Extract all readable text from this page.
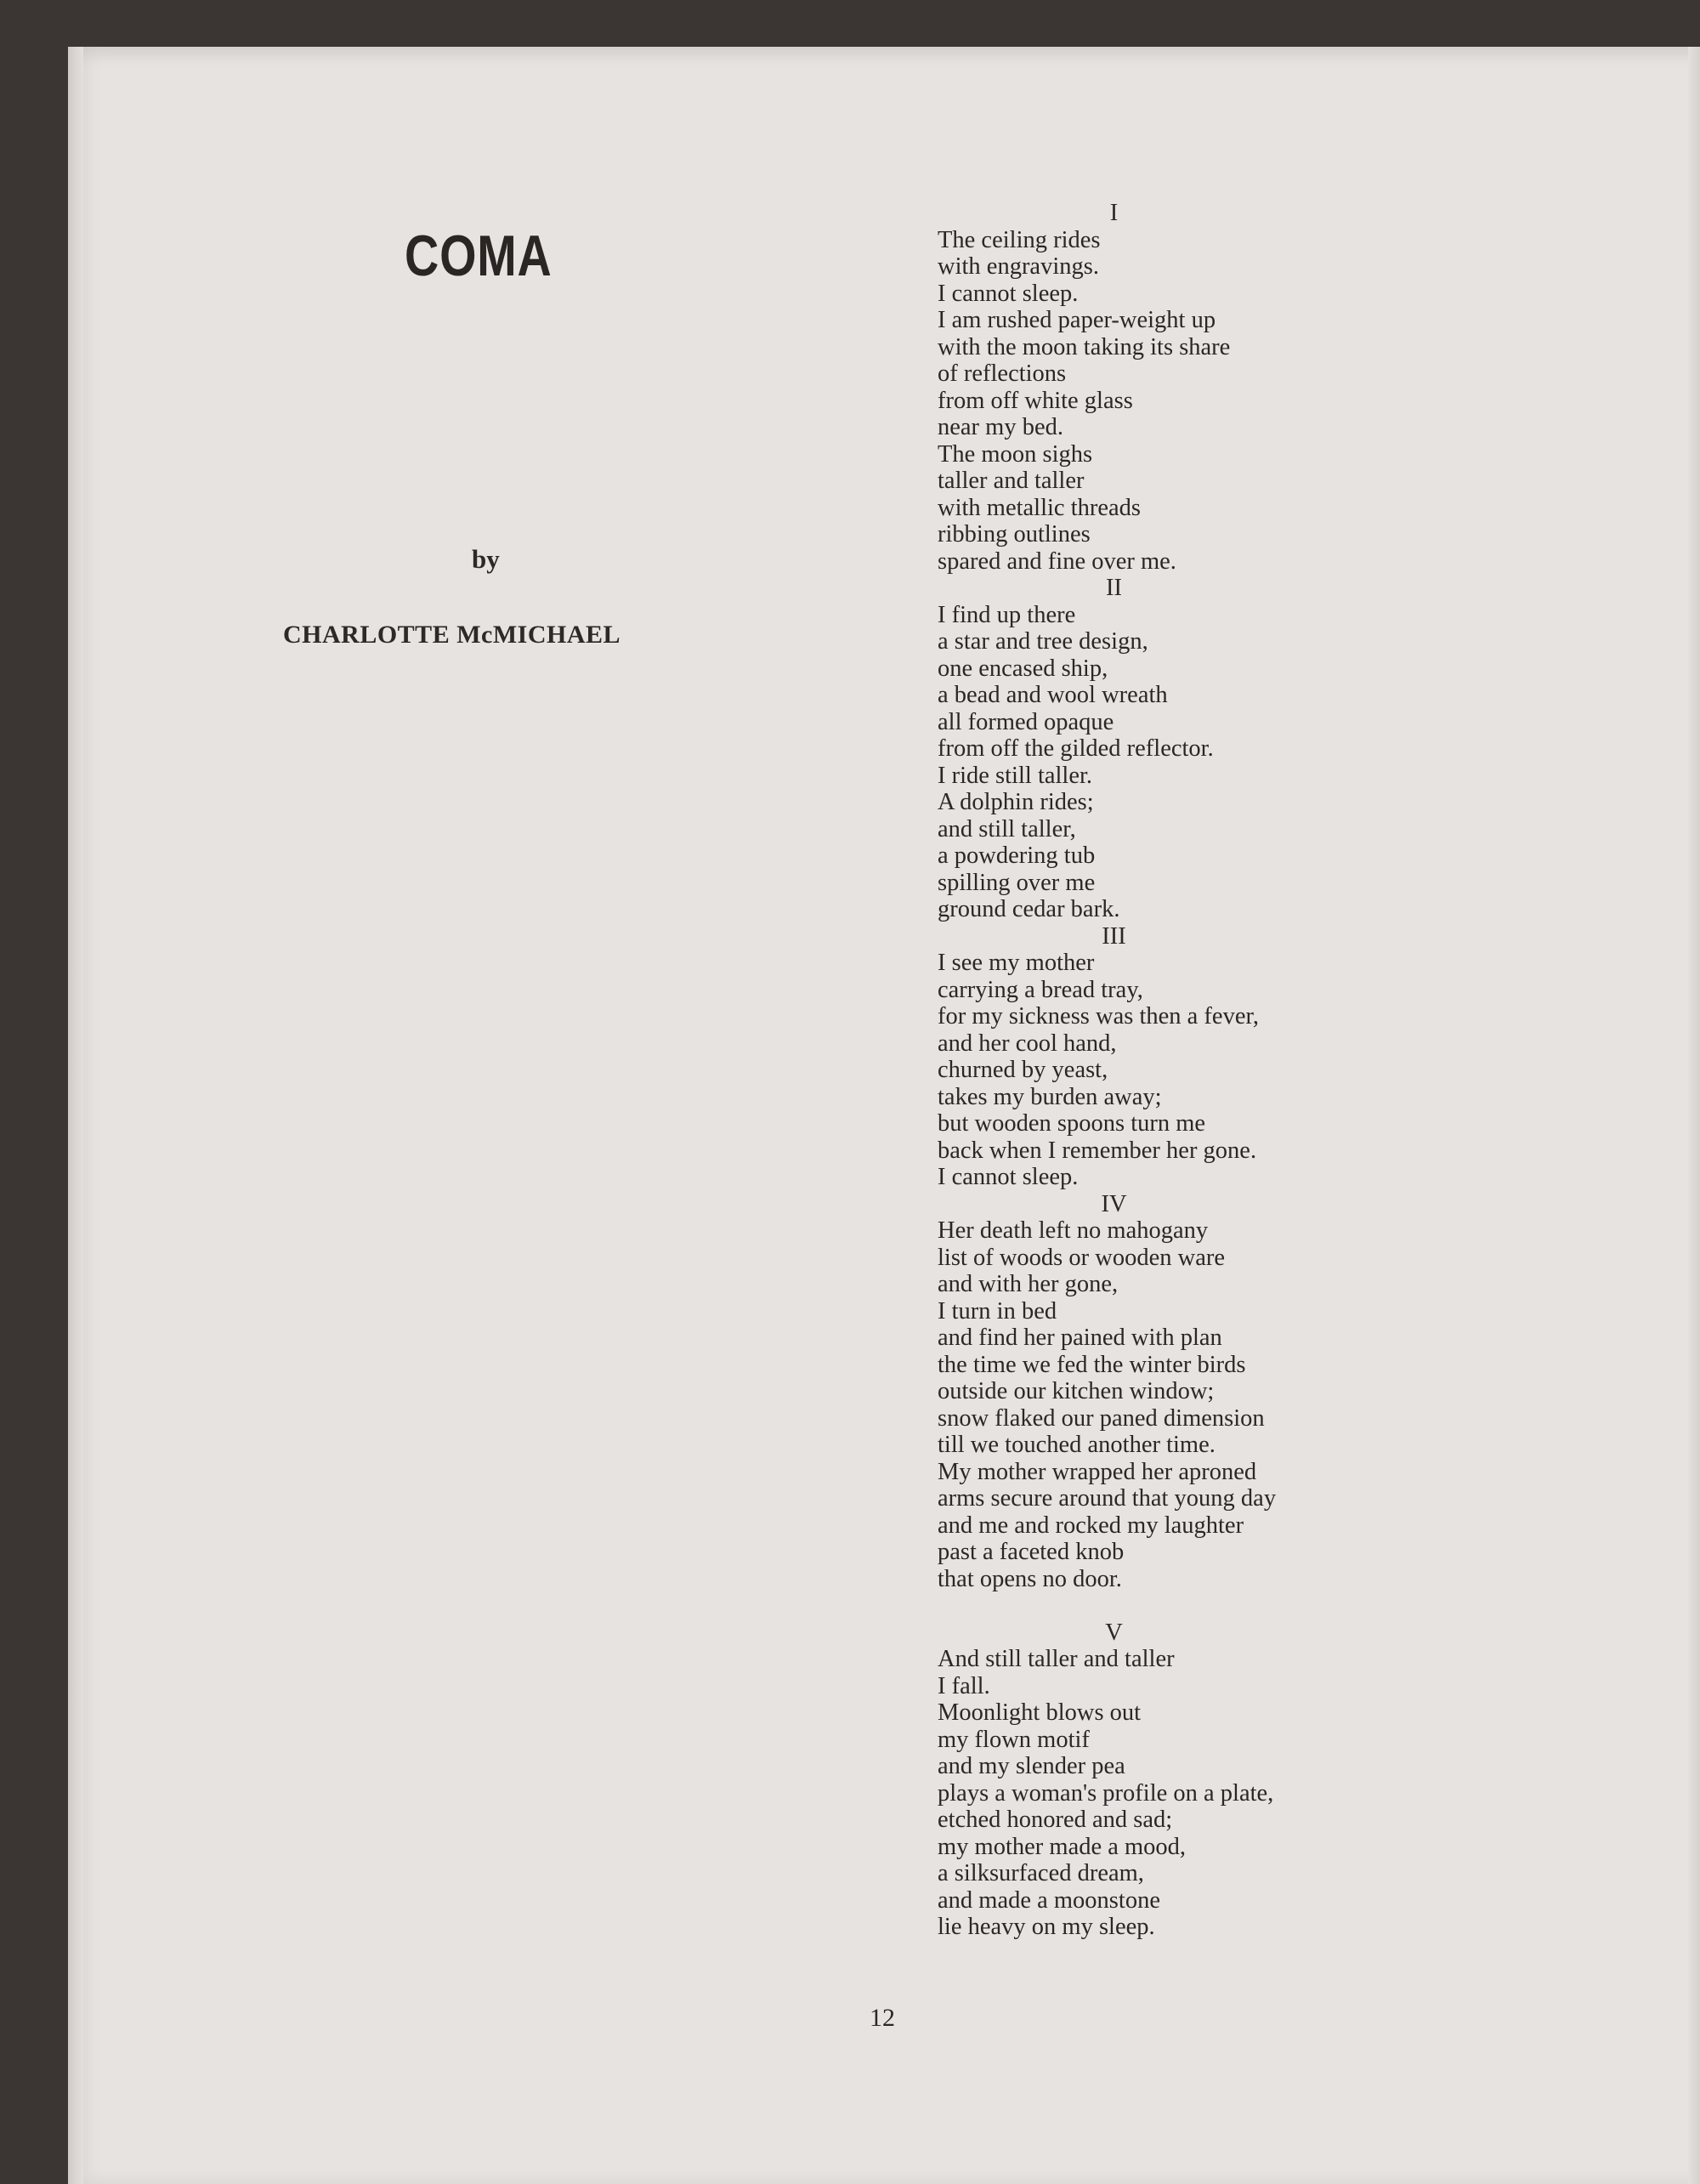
COMA
by
CHARLOTTE McMICHAEL
I
The ceiling rides
with engravings.
I cannot sleep.
I am rushed paper-weight up
with the moon taking its share
of reflections
from off white glass
near my bed.
The moon sighs
taller and taller
with metallic threads
ribbing outlines
spared and fine over me.
II
I find up there
a star and tree design,
one encased ship,
a bead and wool wreath
all formed opaque
from off the gilded reflector.
I ride still taller.
A dolphin rides;
and still taller,
a powdering tub
spilling over me
ground cedar bark.
III
I see my mother
carrying a bread tray,
for my sickness was then a fever,
and her cool hand,
churned by yeast,
takes my burden away;
but wooden spoons turn me
back when I remember her gone.
I cannot sleep.
IV
Her death left no mahogany
list of woods or wooden ware
and with her gone,
I turn in bed
and find her pained with plan
the time we fed the winter birds
outside our kitchen window;
snow flaked our paned dimension
till we touched another time.
My mother wrapped her aproned
arms secure around that young day
and me and rocked my laughter
past a faceted knob
that opens no door.
V
And still taller and taller
I fall.
Moonlight blows out
my flown motif
and my slender pea
plays a woman's profile on a plate,
etched honored and sad;
my mother made a mood,
a silksurfaced dream,
and made a moonstone
lie heavy on my sleep.
12
